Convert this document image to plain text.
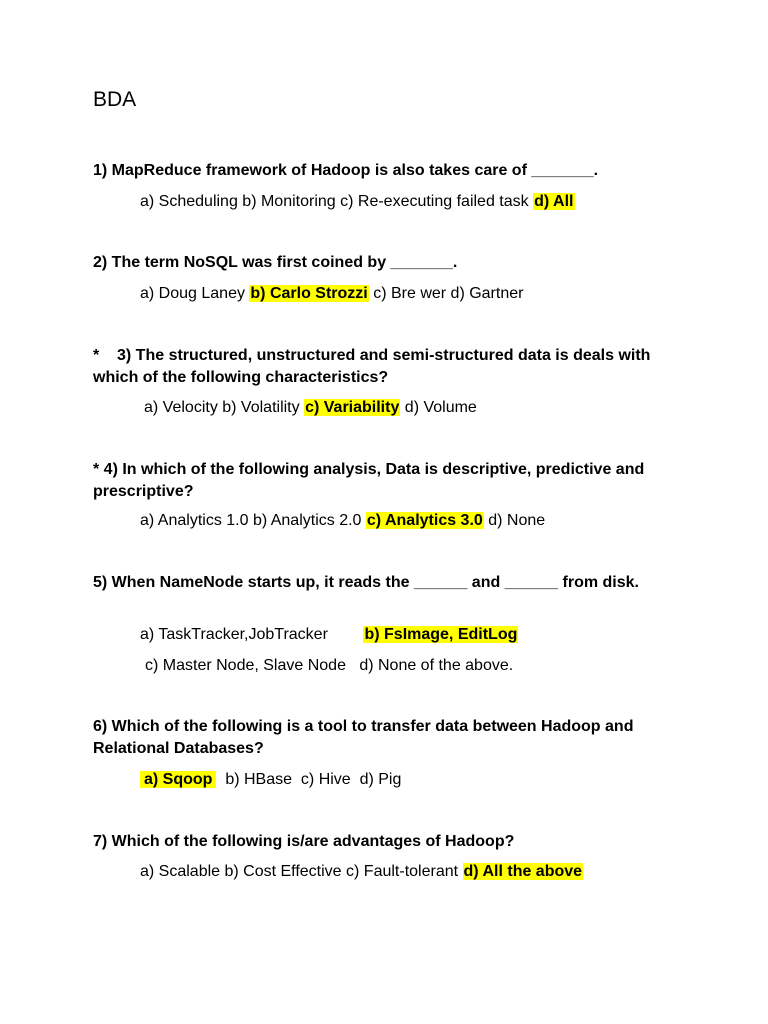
BDA
1) MapReduce framework of Hadoop is also takes care of _______.
a) Scheduling b) Monitoring c) Re-executing failed task d) All
2) The term NoSQL was first coined by _______.
a) Doug Laney b) Carlo Strozzi c) Bre wer d) Gartner
*    3) The structured, unstructured and semi-structured data is deals with which of the following characteristics?
a) Velocity b) Volatility c) Variability d) Volume
* 4) In which of the following analysis, Data is descriptive, predictive and prescriptive?
a) Analytics 1.0 b) Analytics 2.0 c) Analytics 3.0 d) None
5) When NameNode starts up, it reads the ______ and ______ from disk.
a) TaskTracker,JobTracker        b) FsImage, EditLog
c) Master Node, Slave Node   d) None of the above.
6) Which of the following is a tool to transfer data between Hadoop and Relational Databases?
a) Sqoop  b) HBase  c) Hive  d) Pig
7) Which of the following is/are advantages of Hadoop?
a) Scalable b) Cost Effective c) Fault-tolerant d) All the above
